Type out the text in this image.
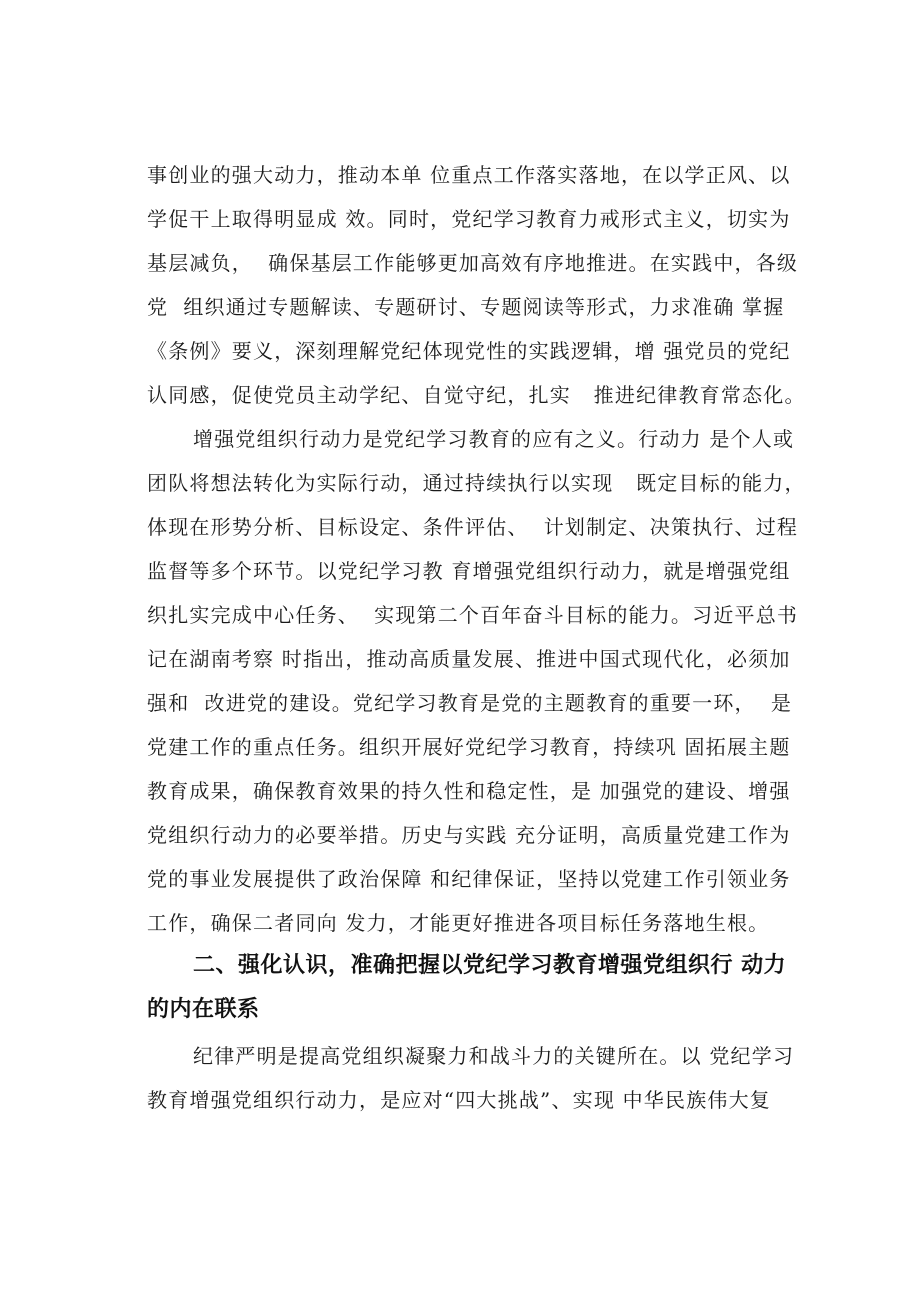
事创业的强大动力，推动本单 位重点工作落实落地，在以学正风、以
学促干上取得明显成 效。同时，党纪学习教育力戒形式主义，切实为
基层减负，  确保基层工作能够更加高效有序地推进。在实践中，各级
党  组织通过专题解读、专题研讨、专题阅读等形式，力求准确 掌握
《条例》要义，深刻理解党纪体现党性的实践逻辑，增 强党员的党纪
认同感，促使党员主动学纪、自觉守纪，扎实   推进纪律教育常态化。
增强党组织行动力是党纪学习教育的应有之义。行动力 是个人或
团队将想法转化为实际行动，通过持续执行以实现   既定目标的能力，
体现在形势分析、目标设定、条件评估、  计划制定、决策执行、过程
监督等多个环节。以党纪学习教 育增强党组织行动力，就是增强党组
织扎实完成中心任务、  实现第二个百年奋斗目标的能力。习近平总书
记在湖南考察 时指出，推动高质量发展、推进中国式现代化，必须加
强和  改进党的建设。党纪学习教育是党的主题教育的重要一环，  是
党建工作的重点任务。组织开展好党纪学习教育，持续巩 固拓展主题
教育成果，确保教育效果的持久性和稳定性，是 加强党的建设、增强
党组织行动力的必要举措。历史与实践 充分证明，高质量党建工作为
党的事业发展提供了政治保障 和纪律保证，坚持以党建工作引领业务
工作，确保二者同向 发力，才能更好推进各项目标任务落地生根。
二、强化认识，准确把握以党纪学习教育增强党组织行 动力
的内在联系
纪律严明是提高党组织凝聚力和战斗力的关键所在。以 党纪学习
教育增强党组织行动力，是应对“四大挑战”、实现 中华民族伟大复
